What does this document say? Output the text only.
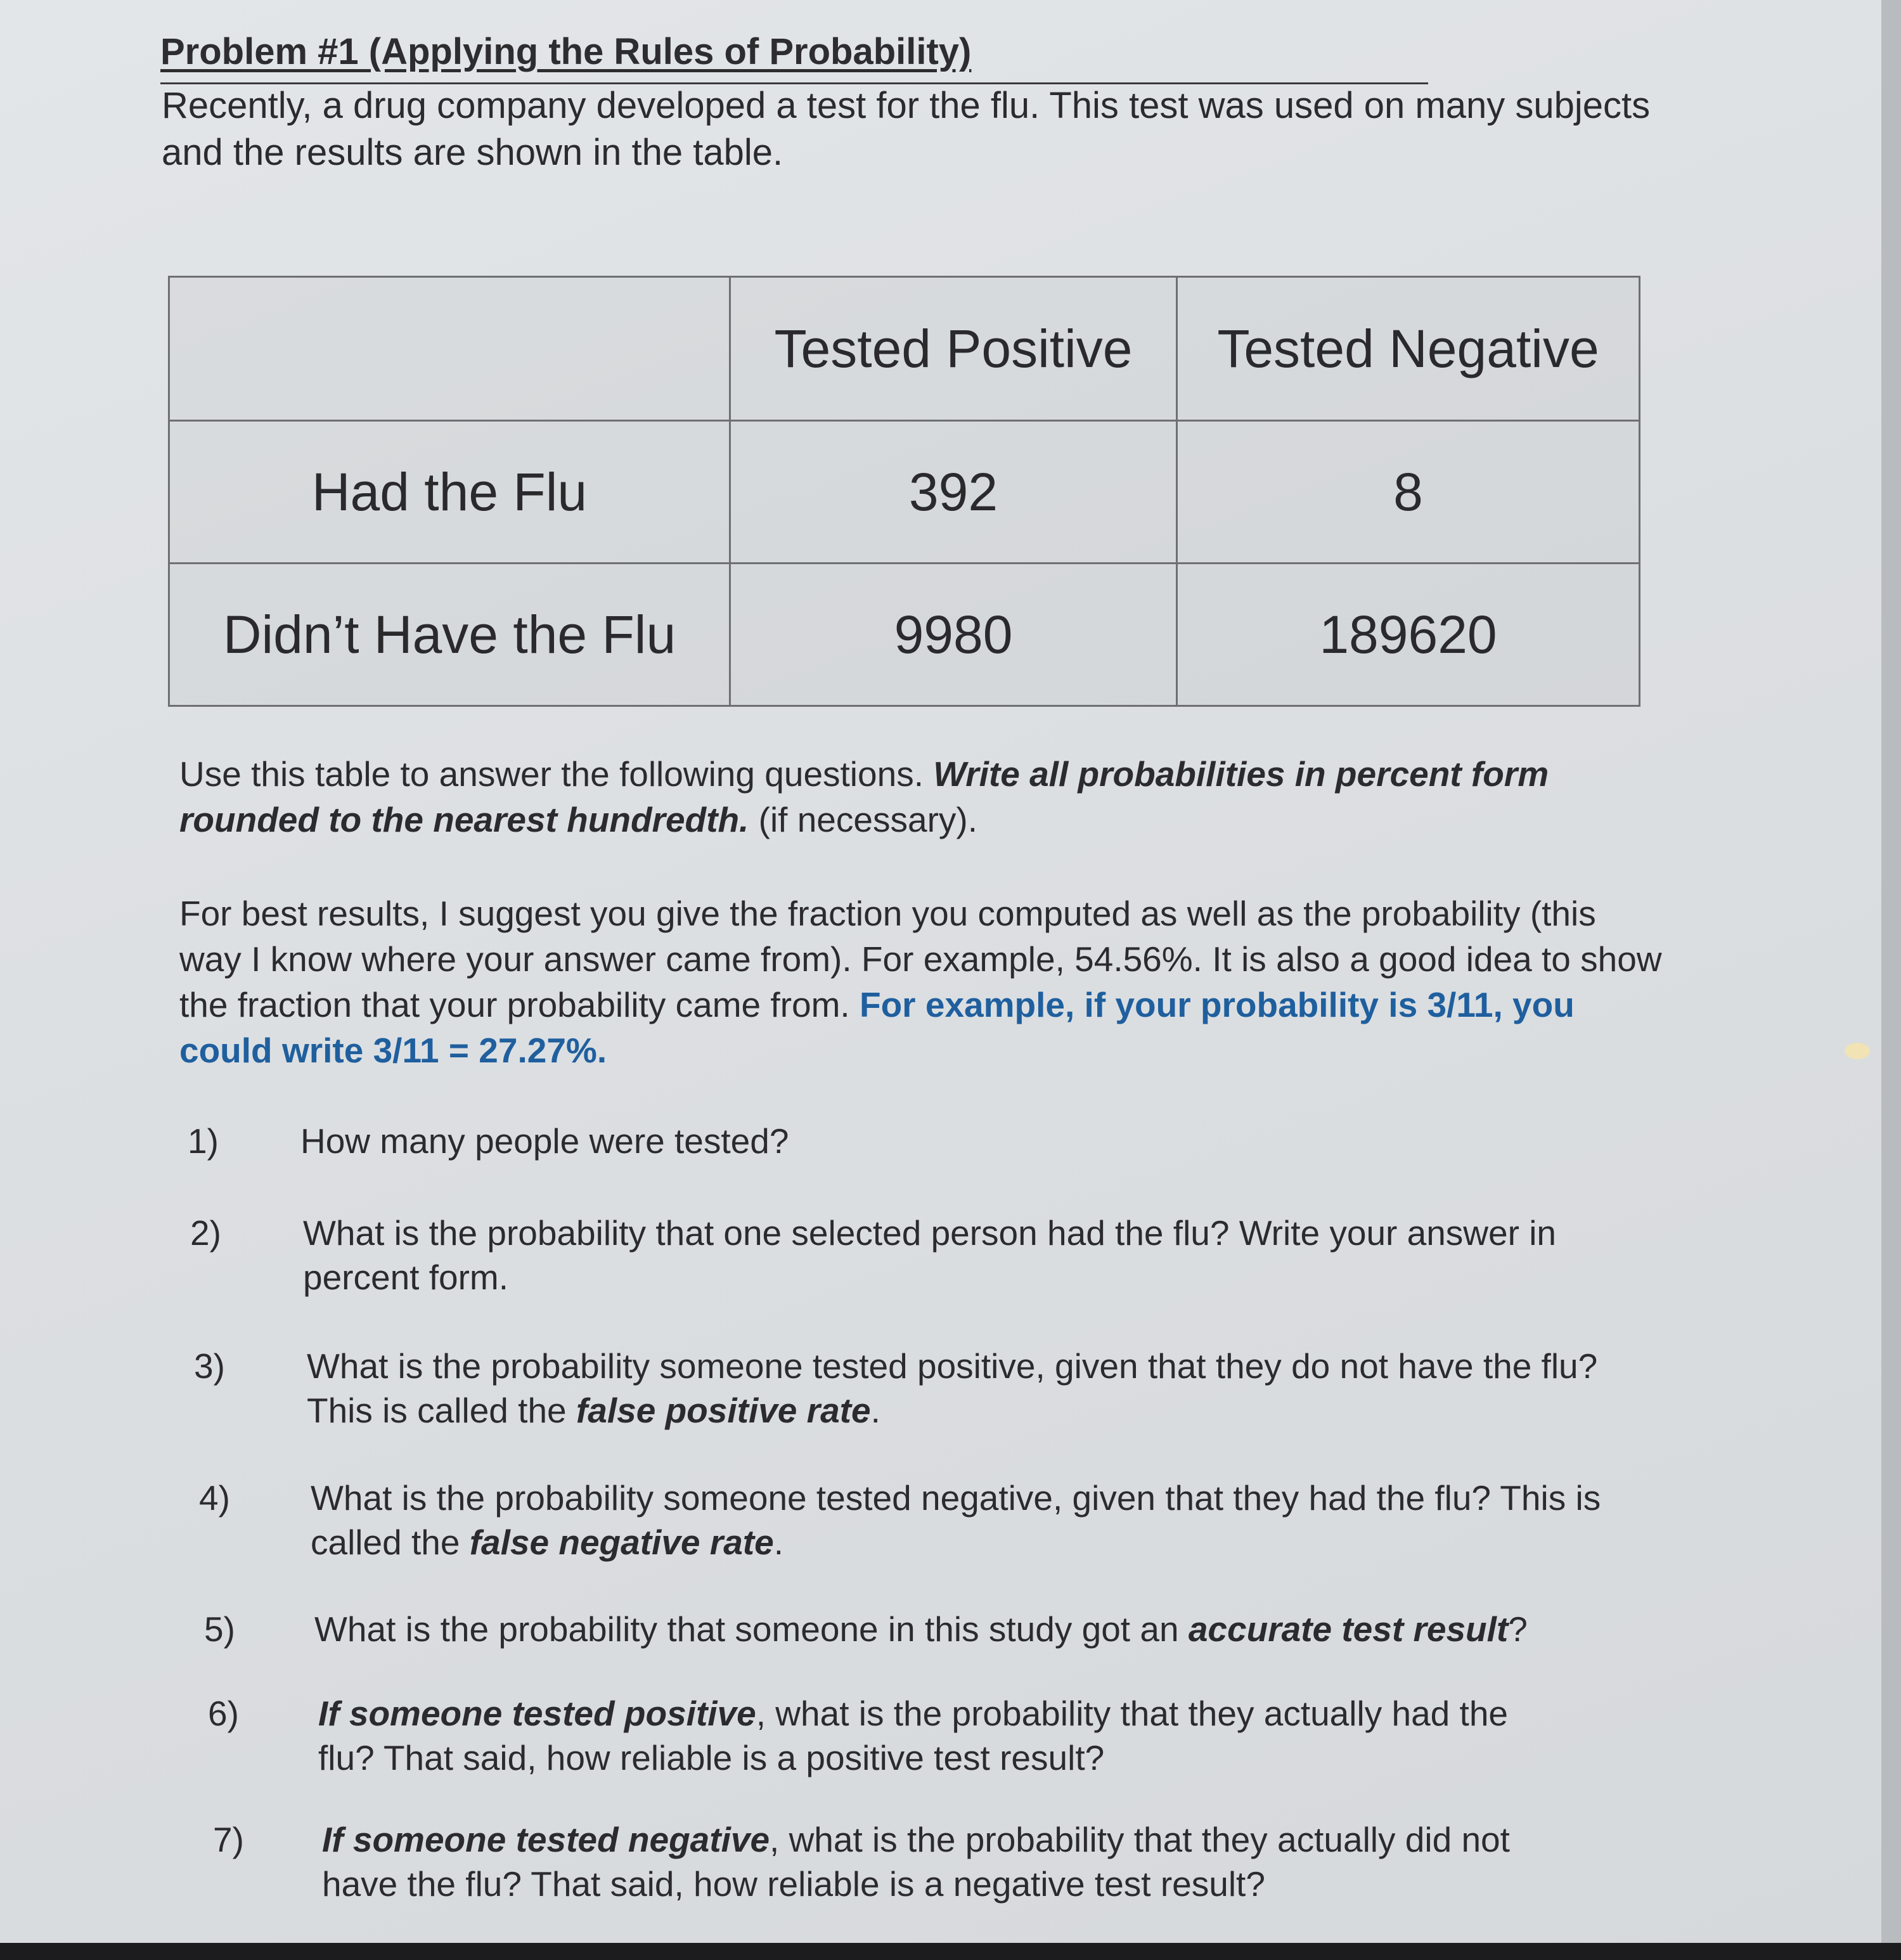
Problem #1 (Applying the Rules of Probability)
Recently, a drug company developed a test for the flu. This test was used on many subjects and the results are shown in the table.
	Tested Positive	Tested Negative
Had the Flu	392	8
Didn’t Have the Flu	9980	189620
Use this table to answer the following questions. Write all probabilities in percent form rounded to the nearest hundredth. (if necessary).
For best results, I suggest you give the fraction you computed as well as the probability (this way I know where your answer came from). For example, 54.56%. It is also a good idea to show the fraction that your probability came from. For example, if your probability is 3/11, you could write 3/11 = 27.27%.
1)	How many people were tested?
2)	What is the probability that one selected person had the flu? Write your answer in percent form.
3)	What is the probability someone tested positive, given that they do not have the flu? This is called the false positive rate.
4)	What is the probability someone tested negative, given that they had the flu? This is called the false negative rate.
5)	What is the probability that someone in this study got an accurate test result?
6)	If someone tested positive, what is the probability that they actually had the flu? That said, how reliable is a positive test result?
7)	If someone tested negative, what is the probability that they actually did not have the flu? That said, how reliable is a negative test result?
